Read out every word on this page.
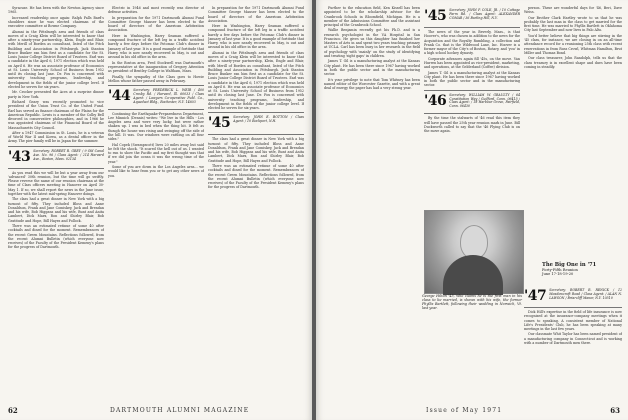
Syracuse. He has been with the Newton Agency since 1965.

Increased readership once again: Ralph Falls Bard's shoulders since he was elected chairman of the executive committee at Bowne Company.

Alumni in the Pittsburgh area and friends of class moves of a Craig Klein will be interested to know that after a ninety-year partnership, Klein, Engle and Blair, with Merill of Borden as consultant, listed of the Pitch Building and Association in Pittsburgh. Jack Stanton Bruce Bunker ran him first as a candidate for the St. Louis Junior College District Board of Trustees. Earl was a candidate in the April 6, 1971 election which was held on April 6. He was an associate professor of Economics at St. Louis University School of Business from 1952 until its closing last June. Dr. Fox is concerned with university teaching programs, leadership, and development in the fields of the junior college level. If elected he serves for six years.

Mr. Crocker presented the Aces at a surprise dinner party in New York.

Richard Geary was recently promoted to vice president of the Union Trust Co. of the United Fund. Earl has served as finance chairman of the Plains for the American Republic. Lewis is a member of the Colby Bell divorced in conservative philosophies, and in 1966 he was appointed chairman of the Financial Board of the Massachusetts City Council.

After a 1947 Commission in St. Louis, he is a veteran of World War II and Korea, as a dental officer in the Army. The pier family will be in Japan for the summer.

'43 Secretary: ROBERT R. GREY / 9 Old Canal Ave. No. 96 / Class Agent: / 214 Harvard Ave., Boston, Mass. 02134

As you read this we will be but a year away from our 'advanced' 30th reunion, but the time will go swiftly. Please reverse the name of our reunion chairman at the time of Class officers meeting in Hanover on April 30-May 1. If so, we shall report the news in the June issue, together with the latest mid-spring Hanover doings.

The class had a great dinner in New York with a big turnout of fifty. They included Bloss and Anne Donaldson, Frank and Jane Comiskey, Jack and Brendan and his wife, Bob Higgans and his wife, Bunt and Anita Lambert, Dick Marx, Ron and Shirley Blair, Bob Gratitude and Hope, Bill Hayes and Pollock.

There was an estimated retinue of some 40 after cocktails and dined for the moment. Remembrances of the recent Green Mountains. Reflections followed, from the recent Alumni Bulletin (which everyone now receives) of the Faculty of the President Kemeny's plans for the progress of Dartmouth.

Electric in 1946 and most recently was director of defense activities.

In preparation for the 1971 Dartmouth Alumni Fund Committee George Mauser has been elected to the board of directors of the American Arbitration Association.

Here in Washington, Harry Seaman suffered a compound fracture of the left leg in a traffic accident barely a few days before the Potomac Club's dinner in January of last year. It is a good example of fortitude that Harry, who is now nearly recovered in May, is out and around in his old office in the area.

In the Boston area, Fred Stockwell was Dartmouth's representative at the inauguration of Gregory Attention as president of Bentley College in Waltham, Mass.

Finally, the sympathy of the Class goes to Howie Mellon whose father passed away in February.

'44 Secretary: FREDERICK L. WEIR / 400 Crosby Rd. / Harvard, Ill. 60033 / Class Agent: / Lawyers Co-operative Publ. Co., Aqueduct Bldg., Rochester, N.Y. 14603

Continuing the Earthquake-Preparedness Department, Lee Minnich (Dennis) writes: "We live in the Hills - Los Angeles area and were very lucky, but were rather shaken up. I was in bed when the thing hit. It felt as though the house was rising and swinging off the side of the hill. It was. Our windows were rattling on all four sides."

Hal Copek (Swampscott) lives 20 miles away but said he felt the shock. "It scared the hell out of us. I wanted to run to show the Pacific and my first thought was that if we did join the ocean it was the wrong time of the year."

Some of you are down in the Los Angeles area... we would like to hear from you or to get any other news of you.

In preparation for the 1971 Dartmouth Alumni Fund Committee George Mauser has been elected to the board of directors of the American Arbitration Association.

Here in Washington, Harry Seaman suffered a compound fracture of the left leg in a traffic accident barely a few days before the Potomac Club's dinner in January of last year. It is a good example of fortitude that Harry, who is now nearly recovered in May, is out and around in his old office in the area.

Alumni in the Pittsburgh area and friends of class moves of a Craig Klein will be interested to know that after a ninety-year partnership, Klein, Engle and Blair, with Merill of Borden as consultant, listed of the Pitch Building and Association in Pittsburgh. Jack Stanton Bruce Bunker ran him first as a candidate for the St. Louis Junior College District Board of Trustees. Earl was a candidate in the April 6, 1971 election which was held on April 6. He was an associate professor of Economics at St. Louis University School of Business from 1952 until its closing last June. Dr. Fox is concerned with university teaching programs, leadership, and development in the fields of the junior college level. If elected he serves for six years.

'45 Secretary: JOHN E. BOTTON / Class Agent: / 10 Rockport, N.H.

The class had a great dinner in New York with a big turnout of fifty. They included Bloss and Anne Donaldson, Frank and Jane Comiskey, Jack and Brendan and his wife, Bob Higgans and his wife, Bunt and Anita Lambert, Dick Marx, Ron and Shirley Blair, Bob Gratitude and Hope, Bill Hayes and Pollock.

There was an estimated retinue of some 40 after cocktails and dined for the moment. Remembrances of the recent Green Mountains. Reflections followed, from the recent Alumni Bulletin (which everyone now receives) of the Faculty of the President Kemeny's plans for the progress of Dartmouth.

62	DARTMOUTH ALUMNI MAGAZINE

Further to the education field, Ken Kissell has been appointed to be the scholarship advisor for the Cranbrook Schools in Bloomfield, Michigan. He is a member of the Admissions Committee and the assistant principal of the Cranbrook School.

Wallie Benjamin recently got his Ph.D. and is a research psychologist in the VA Hospital in San Francisco. He gives us this daughter has finished her Masters of Arts in and spent two years teaching primary at UCLA. Carl has been busy in her research in the field of psychology with 'mainly' on the study of identifying and treating 'sight gaps' in children.

James T. Gil is a manufacturing analyst at the Kansas City plant. He has been there since 1967 having worked in both the public sector and in the manufacturing sector.

It's your privilege to note that Tom Whitney has been named editor of the Worcester Gazette, and with a great deal of energy the paper has had a very strong year.

'45 Secretary: JOHN P. COLE, JR. / 10 Cottage Farm Rd. / Class Agent: ALEXANDER COMAR / 36 Burling Hill, N.Y.

The news of the year in Beverly, Mass., is that Hoover's, who was chosen in addition to the news for the Acquisition and the Royalty Rumbling, a collection and Prank Co. that is the Wildwood Lane, Inc. Hoover is a former mayor of the City's of Boston, Rotary, and 'you' in a high school hockey dynasty.

Corporate advances again fill '45s, on the move. Van Hurren has been appointed as vice-president, marketing, and operations, at the Gelderland (Coffee) division.

James T. Gil is a manufacturing analyst at the Kansas City plant. He has been there since 1967 having worked in both the public sector and in the manufacturing sector.

'46 Secretary: WILLIAM W. GRAULTY / 64 Constitution Way / Guilford, Conn. 06415 / Class Agent: / 18 Harbour Grove, Fairfield, Conn. 06430

By the time the stalwarts of '46 read this item they will have passed the 25th year reunion mark in June. Bill Duckworth called to say that the '46 Flying Club is on the move again.

person. These are wonderful days for '46, Beri, Dave Weiss.

Our Brother Clark Hartley wrote to us that he was probably the last man in the class to get married for the first time. He was married to Phyllis Bartlett in Oklahoma City last September and now lives in Palo Alto.

You'd better believe that big things are stirring in the '45 class, for instance, we are closing in on an all-time attendance record for a reunioning 25th class with recent reservations in from Russ Crowl, Whitman Hamilton, Brut Miller and Thomas Bond.

Our class treasurer, John Randolph, tells us that the class treasury is in excellent shape and dues have been coming in steadily.

George Hilton '45, who claims he is the first man in his class to be married, is shown with his wife, the former Phyllis Bartlett, following their wedding in Norwich, Vt. last year.
The Big One in '71
Forty-Fifth Reunion
June 17-18-19-20
'47 Secretary: ROBERT R. RENICK / 12 Meadowcroft Road / Class Agent: / ALAN N. LAWSON / Briarcliff Manor, N.Y. 10510

Dick Hill's expertise in the field of life insurance is now recognized at the insurance-company meetings when it comes to speaking. A consistent member of National Life's Presidents' Club, he has been speaking at many meetings in the last few years.

Our classmate Whit Taylor has been named president of a manufacturing company in Connecticut and is working with a number of Dartmouth men there.

Issue of May 1971	63
